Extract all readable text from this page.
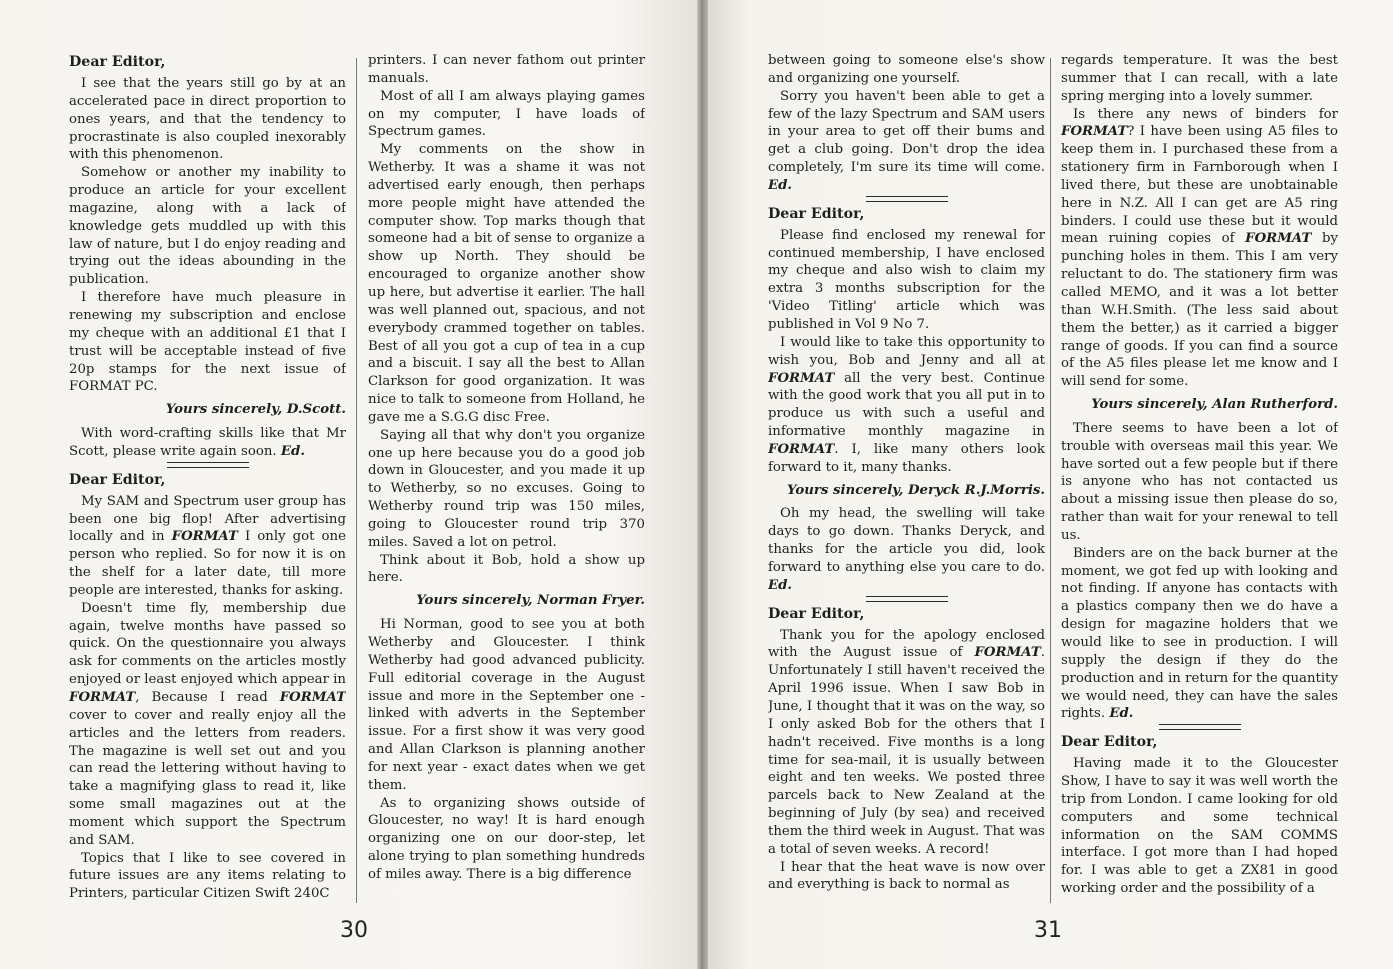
Dear Editor,

I see that the years still go by at an accelerated pace in direct proportion to ones years, and that the tendency to procrastinate is also coupled inexorably with this phenomenon.

Somehow or another my inability to produce an article for your excellent magazine, along with a lack of knowledge gets muddled up with this law of nature, but I do enjoy reading and trying out the ideas abounding in the publication.

I therefore have much pleasure in renewing my subscription and enclose my cheque with an additional £1 that I trust will be acceptable instead of five 20p stamps for the next issue of FORMAT PC.

Yours sincerely, D.Scott.

With word-crafting skills like that Mr Scott, please write again soon. Ed.

Dear Editor,

My SAM and Spectrum user group has been one big flop! After advertising locally and in FORMAT I only got one person who replied. So for now it is on the shelf for a later date, till more people are interested, thanks for asking.

Doesn't time fly, membership due again, twelve months have passed so quick. On the questionnaire you always ask for comments on the articles mostly enjoyed or least enjoyed which appear in FORMAT, Because I read FORMAT cover to cover and really enjoy all the articles and the letters from readers. The magazine is well set out and you can read the lettering without having to take a magnifying glass to read it, like some small magazines out at the moment which support the Spectrum and SAM.

Topics that I like to see covered in future issues are any items relating to Printers, particular Citizen Swift 240C

printers. I can never fathom out printer manuals.

Most of all I am always playing games on my computer, I have loads of Spectrum games.

My comments on the show in Wetherby. It was a shame it was not advertised early enough, then perhaps more people might have attended the computer show. Top marks though that someone had a bit of sense to organize a show up North. They should be encouraged to organize another show up here, but advertise it earlier. The hall was well planned out, spacious, and not everybody crammed together on tables. Best of all you got a cup of tea in a cup and a biscuit. I say all the best to Allan Clarkson for good organization. It was nice to talk to someone from Holland, he gave me a S.G.G disc Free.

Saying all that why don't you organize one up here because you do a good job down in Gloucester, and you made it up to Wetherby, so no excuses. Going to Wetherby round trip was 150 miles, going to Gloucester round trip 370 miles. Saved a lot on petrol.

Think about it Bob, hold a show up here.

Yours sincerely, Norman Fryer.

Hi Norman, good to see you at both Wetherby and Gloucester. I think Wetherby had good advanced publicity. Full editorial coverage in the August issue and more in the September one - linked with adverts in the September issue. For a first show it was very good and Allan Clarkson is planning another for next year - exact dates when we get them.

As to organizing shows outside of Gloucester, no way! It is hard enough organizing one on our door-step, let alone trying to plan something hundreds of miles away. There is a big difference

30

between going to someone else's show and organizing one yourself.

Sorry you haven't been able to get a few of the lazy Spectrum and SAM users in your area to get off their bums and get a club going. Don't drop the idea completely, I'm sure its time will come. Ed.

Dear Editor,

Please find enclosed my renewal for continued membership, I have enclosed my cheque and also wish to claim my extra 3 months subscription for the 'Video Titling' article which was published in Vol 9 No 7.

I would like to take this opportunity to wish you, Bob and Jenny and all at FORMAT all the very best. Continue with the good work that you all put in to produce us with such a useful and informative monthly magazine in FORMAT. I, like many others look forward to it, many thanks.

Yours sincerely, Deryck R.J.Morris.

Oh my head, the swelling will take days to go down. Thanks Deryck, and thanks for the article you did, look forward to anything else you care to do. Ed.

Dear Editor,

Thank you for the apology enclosed with the August issue of FORMAT. Unfortunately I still haven't received the April 1996 issue. When I saw Bob in June, I thought that it was on the way, so I only asked Bob for the others that I hadn't received. Five months is a long time for sea-mail, it is usually between eight and ten weeks. We posted three parcels back to New Zealand at the beginning of July (by sea) and received them the third week in August. That was a total of seven weeks. A record!

I hear that the heat wave is now over and everything is back to normal as

regards temperature. It was the best summer that I can recall, with a late spring merging into a lovely summer.

Is there any news of binders for FORMAT? I have been using A5 files to keep them in. I purchased these from a stationery firm in Farnborough when I lived there, but these are unobtainable here in N.Z. All I can get are A5 ring binders. I could use these but it would mean ruining copies of FORMAT by punching holes in them. This I am very reluctant to do. The stationery firm was called MEMO, and it was a lot better than W.H.Smith. (The less said about them the better,) as it carried a bigger range of goods. If you can find a source of the A5 files please let me know and I will send for some.

Yours sincerely, Alan Rutherford.

There seems to have been a lot of trouble with overseas mail this year. We have sorted out a few people but if there is anyone who has not contacted us about a missing issue then please do so, rather than wait for your renewal to tell us.

Binders are on the back burner at the moment, we got fed up with looking and not finding. If anyone has contacts with a plastics company then we do have a design for magazine holders that we would like to see in production. I will supply the design if they do the production and in return for the quantity we would need, they can have the sales rights. Ed.

Dear Editor,

Having made it to the Gloucester Show, I have to say it was well worth the trip from London. I came looking for old computers and some technical information on the SAM COMMS interface. I got more than I had hoped for. I was able to get a ZX81 in good working order and the possibility of a

31
